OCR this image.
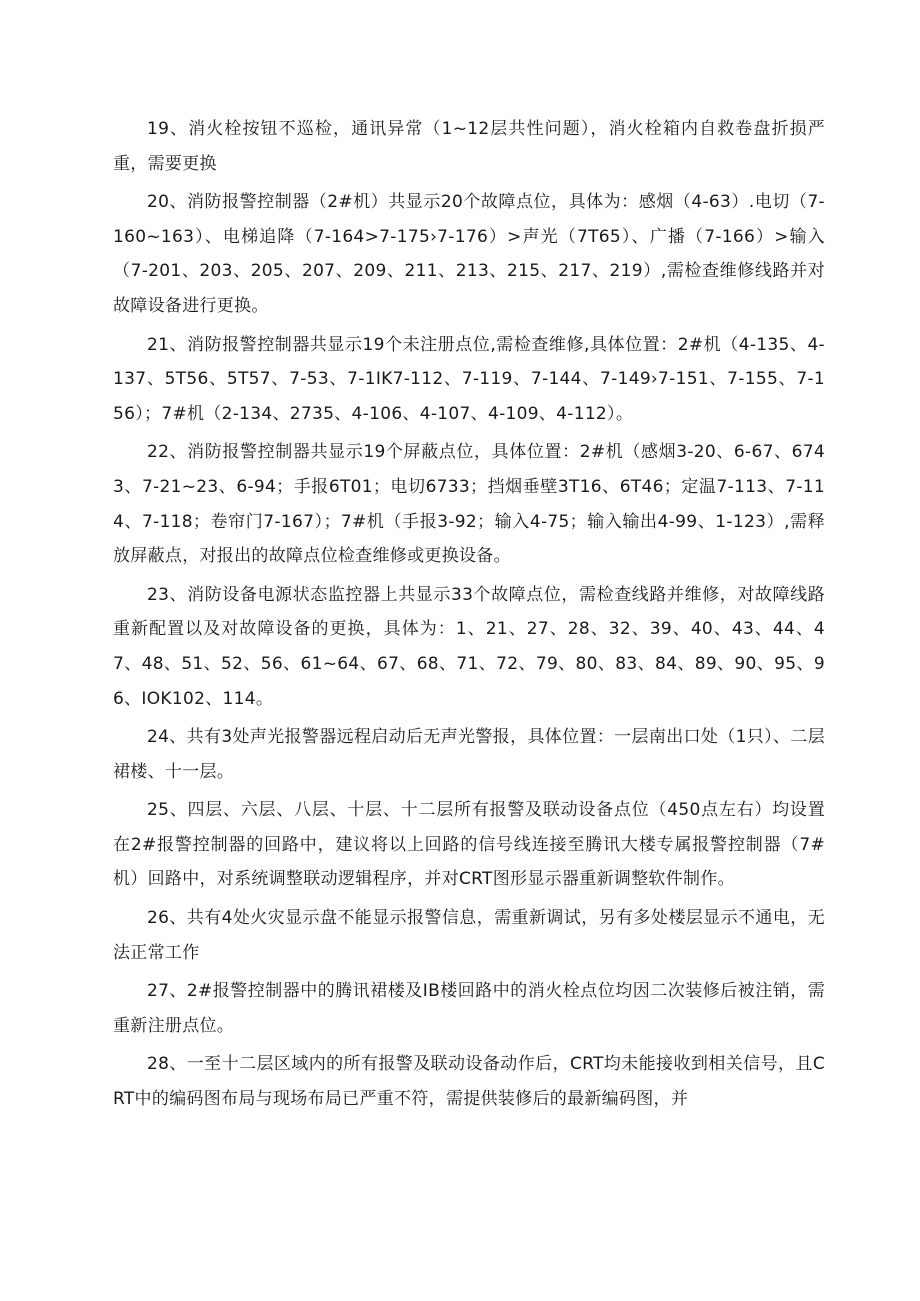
19、消火栓按钮不巡检，通讯异常（1~12层共性问题），消火栓箱内自救卷盘折损严重，需要更换

20、消防报警控制器（2#机）共显示20个故障点位，具体为：感烟（4-63）.电切（7-160~163）、电梯追降（7-164>7-175›7-176）>声光（7T65）、广播（7-166）>输入（7-201、203、205、207、209、211、213、215、217、219）,需检查维修线路并对故障设备进行更换。

21、消防报警控制器共显示19个未注册点位,需检查维修,具体位置：2#机（4-135、4-137、5T56、5T57、7-53、7-1IK7-112、7-119、7-144、7-149›7-151、7-155、7-156）；7#机（2-134、2735、4-106、4-107、4-109、4-112）。

22、消防报警控制器共显示19个屏蔽点位，具体位置：2#机（感烟3-20、6-67、6743、7-21~23、6-94；手报6T01；电切6733；挡烟垂壁3T16、6T46；定温7-113、7-114、7-118；卷帘门7-167）；7#机（手报3-92；输入4-75；输入输出4-99、1-123）,需释放屏蔽点，对报出的故障点位检查维修或更换设备。

23、消防设备电源状态监控器上共显示33个故障点位，需检查线路并维修，对故障线路重新配置以及对故障设备的更换，具体为：1、21、27、28、32、39、40、43、44、47、48、51、52、56、61~64、67、68、71、72、79、80、83、84、89、90、95、96、IOK102、114。

24、共有3处声光报警器远程启动后无声光警报，具体位置：一层南出口处（1只）、二层裙楼、十一层。

25、四层、六层、八层、十层、十二层所有报警及联动设备点位（450点左右）均设置在2#报警控制器的回路中，建议将以上回路的信号线连接至腾讯大楼专属报警控制器（7#机）回路中，对系统调整联动逻辑程序，并对CRT图形显示器重新调整软件制作。

26、共有4处火灾显示盘不能显示报警信息，需重新调试，另有多处楼层显示不通电，无法正常工作

27、2#报警控制器中的腾讯裙楼及IB楼回路中的消火栓点位均因二次装修后被注销，需重新注册点位。

28、一至十二层区域内的所有报警及联动设备动作后，CRT均未能接收到相关信号，且CRT中的编码图布局与现场布局已严重不符，需提供装修后的最新编码图，并
